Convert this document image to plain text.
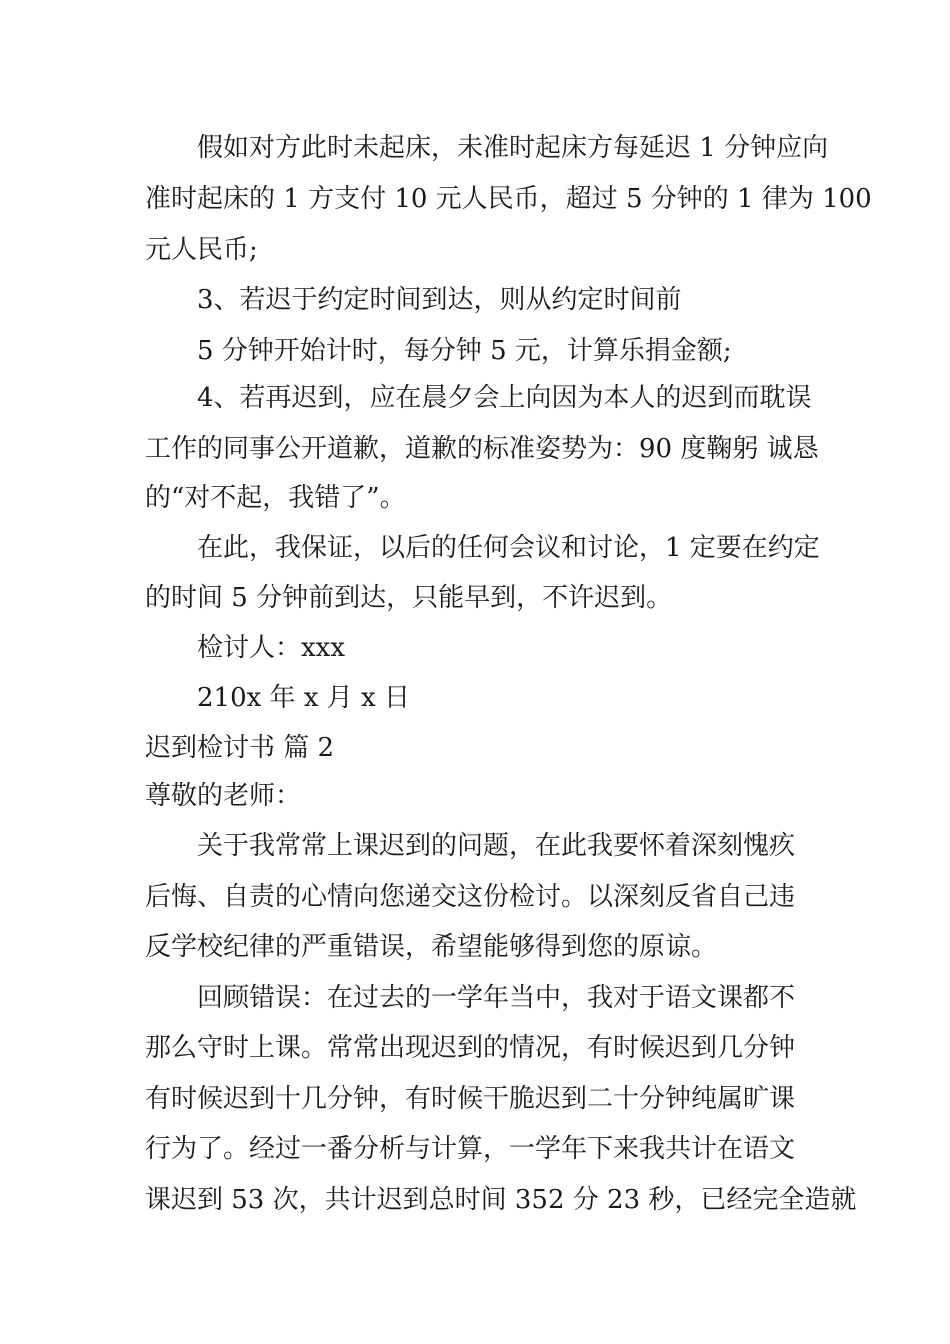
假如对方此时未起床，未准时起床方每延迟 1 分钟应向
准时起床的 1 方支付 10 元人民币，超过 5 分钟的 1 律为 100
元人民币;
3、若迟于约定时间到达，则从约定时间前
5 分钟开始计时，每分钟 5 元，计算乐捐金额;
4、若再迟到，应在晨夕会上向因为本人的迟到而耽误
工作的同事公开道歉，道歉的标准姿势为：90 度鞠躬 诚恳
的“对不起，我错了”。
在此，我保证，以后的任何会议和讨论，1 定要在约定
的时间 5 分钟前到达，只能早到，不许迟到。
检讨人：xxx
210x 年 x 月 x 日
迟到检讨书 篇 2
尊敬的老师：
关于我常常上课迟到的问题，在此我要怀着深刻愧疚
后悔、自责的心情向您递交这份检讨。以深刻反省自己违
反学校纪律的严重错误，希望能够得到您的原谅。
回顾错误：在过去的一学年当中，我对于语文课都不
那么守时上课。常常出现迟到的情况，有时候迟到几分钟
有时候迟到十几分钟，有时候干脆迟到二十分钟纯属旷课
行为了。经过一番分析与计算，一学年下来我共计在语文
课迟到 53 次，共计迟到总时间 352 分 23 秒，已经完全造就
